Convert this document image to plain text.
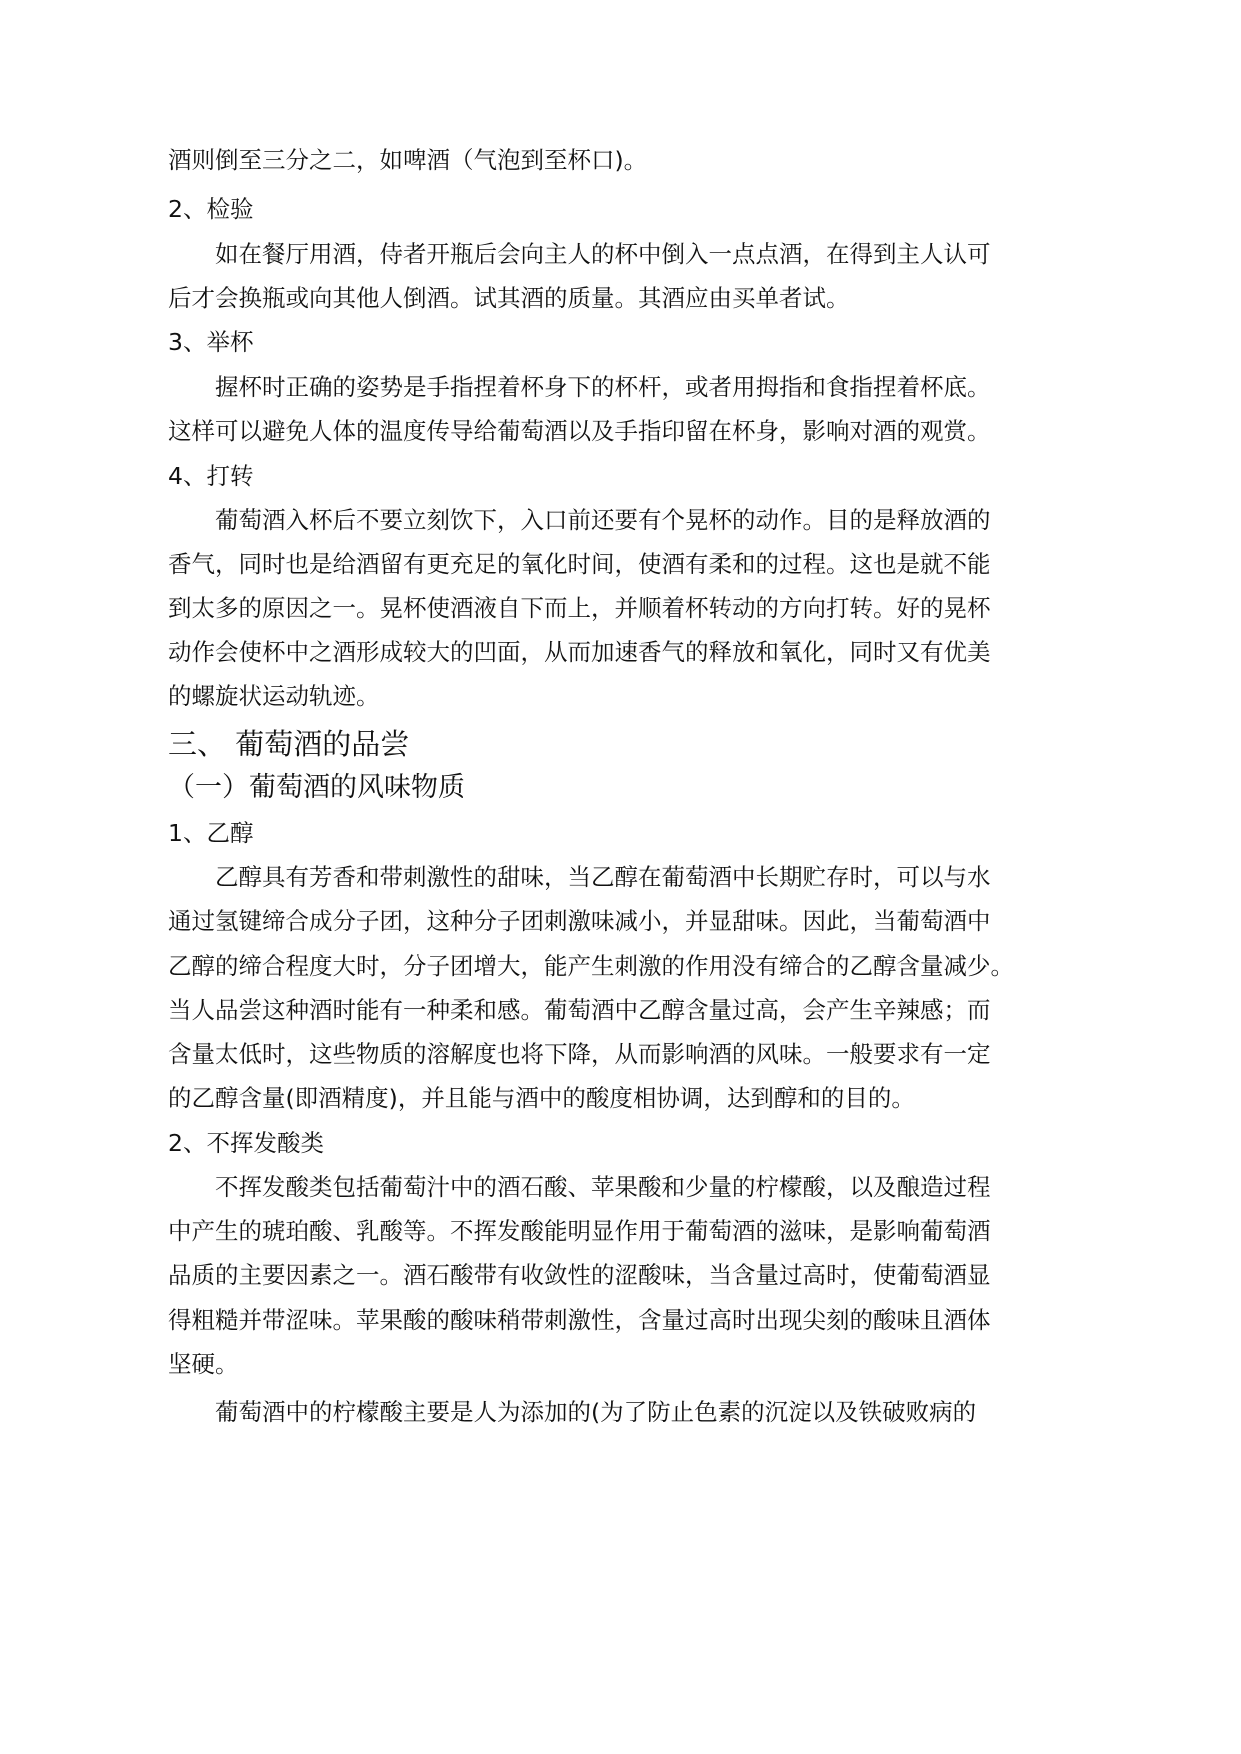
酒则倒至三分之二，如啤酒（气泡到至杯口)。
2、检验
如在餐厅用酒，侍者开瓶后会向主人的杯中倒入一点点酒，在得到主人认可
后才会换瓶或向其他人倒酒。试其酒的质量。其酒应由买单者试。
3、举杯
握杯时正确的姿势是手指捏着杯身下的杯杆，或者用拇指和食指捏着杯底。
这样可以避免人体的温度传导给葡萄酒以及手指印留在杯身，影响对酒的观赏。
4、打转
葡萄酒入杯后不要立刻饮下，入口前还要有个晃杯的动作。目的是释放酒的
香气，同时也是给酒留有更充足的氧化时间，使酒有柔和的过程。这也是就不能
到太多的原因之一。晃杯使酒液自下而上，并顺着杯转动的方向打转。好的晃杯
动作会使杯中之酒形成较大的凹面，从而加速香气的释放和氧化，同时又有优美
的螺旋状运动轨迹。
三、 葡萄酒的品尝
（一）葡萄酒的风味物质
1、乙醇
乙醇具有芳香和带刺激性的甜味，当乙醇在葡萄酒中长期贮存时，可以与水
通过氢键缔合成分子团，这种分子团刺激味减小，并显甜味。因此，当葡萄酒中
乙醇的缔合程度大时，分子团增大，能产生刺激的作用没有缔合的乙醇含量减少。
当人品尝这种酒时能有一种柔和感。葡萄酒中乙醇含量过高，会产生辛辣感；而
含量太低时，这些物质的溶解度也将下降，从而影响酒的风味。一般要求有一定
的乙醇含量(即酒精度)，并且能与酒中的酸度相协调，达到醇和的目的。
2、不挥发酸类
不挥发酸类包括葡萄汁中的酒石酸、苹果酸和少量的柠檬酸，以及酿造过程
中产生的琥珀酸、乳酸等。不挥发酸能明显作用于葡萄酒的滋味，是影响葡萄酒
品质的主要因素之一。酒石酸带有收敛性的涩酸味，当含量过高时，使葡萄酒显
得粗糙并带涩味。苹果酸的酸味稍带刺激性，含量过高时出现尖刻的酸味且酒体
坚硬。
葡萄酒中的柠檬酸主要是人为添加的(为了防止色素的沉淀以及铁破败病的
